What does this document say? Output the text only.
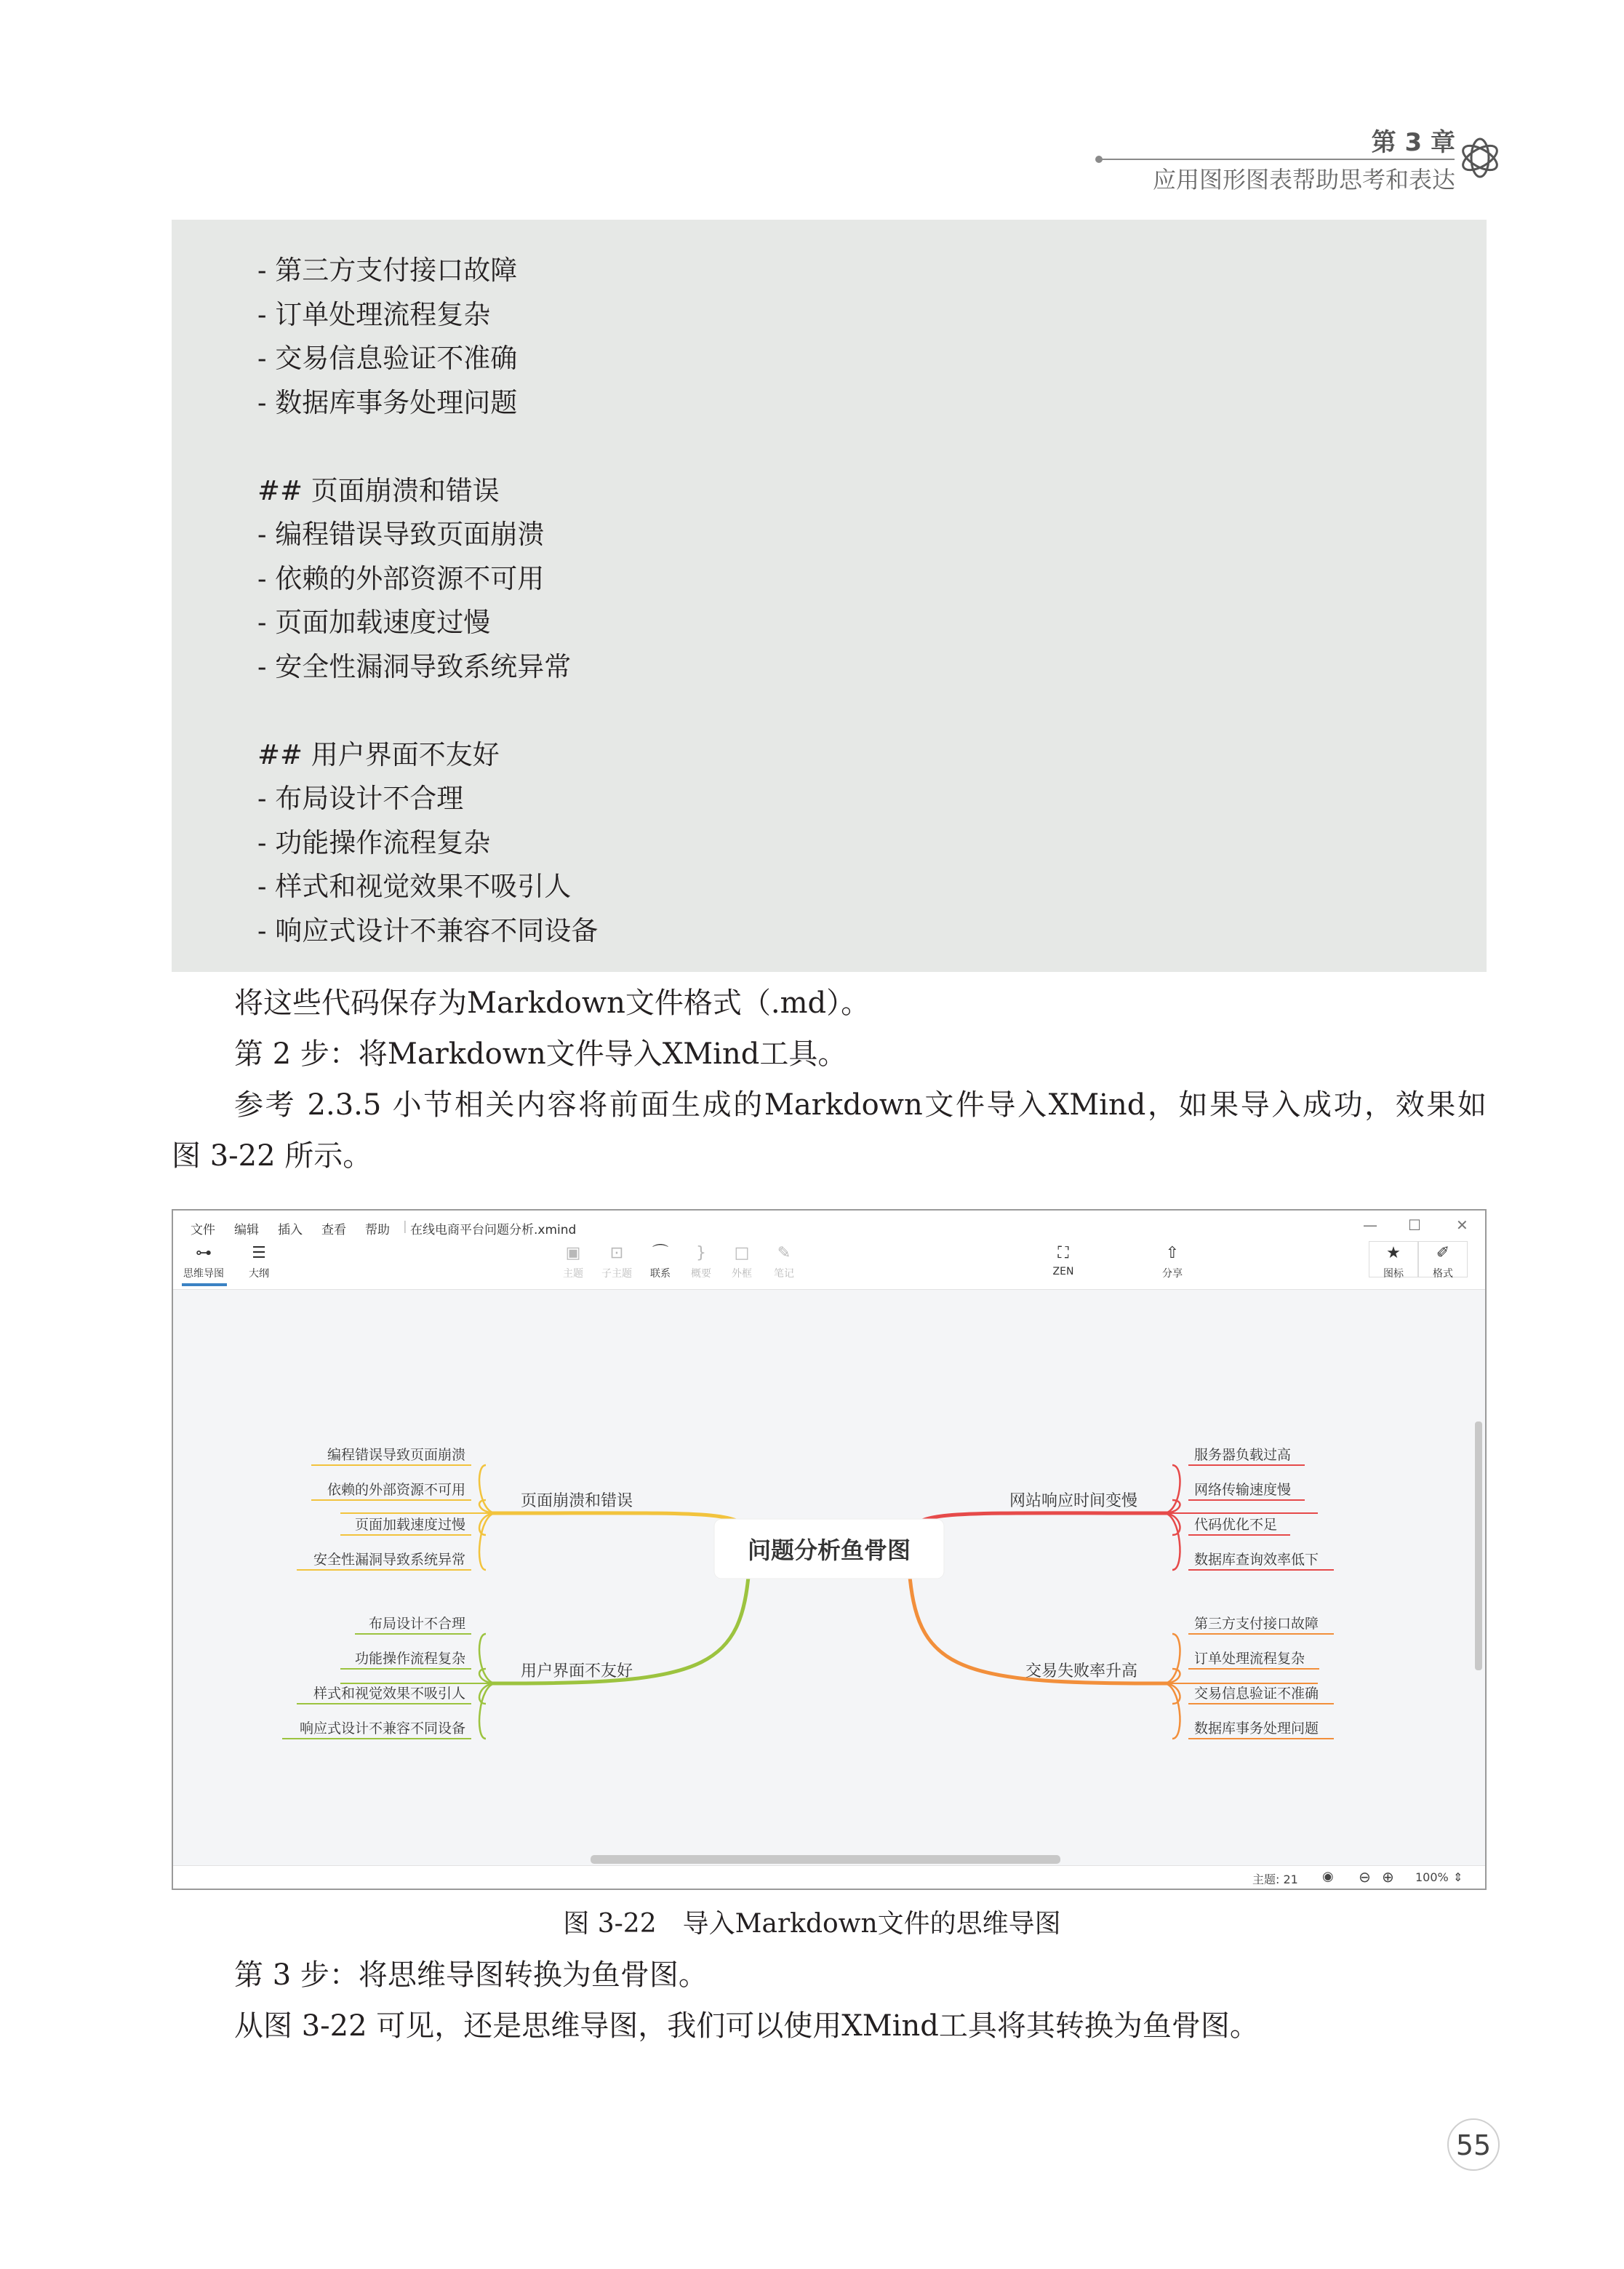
第 3 章
应用图形图表帮助思考和表达
- 第三方支付接口故障
- 订单处理流程复杂
- 交易信息验证不准确
- 数据库事务处理问题
## 页面崩溃和错误
- 编程错误导致页面崩溃
- 依赖的外部资源不可用
- 页面加载速度过慢
- 安全性漏洞导致系统异常
## 用户界面不友好
- 布局设计不合理
- 功能操作流程复杂
- 样式和视觉效果不吸引人
- 响应式设计不兼容不同设备
将这些代码保存为Markdown文件格式（.md）。
第 2 步：将Markdown文件导入XMind工具。
参考 2.3.5 小节相关内容将前面生成的Markdown文件导入XMind，如果导入成功，效果如
图 3-22 所示。
文件 编辑 插入 查看 帮助 | 在线电商平台问题分析.xmind	— ☐ ✕
⊶
思维导图
☰
大纲
▣
主题
⊡
子主题
⌒
联系
}
概要
□
外框
✎
笔记
⛶
ZEN
⇧
分享
★
图标
✐
格式
页面崩溃和错误
编程错误导致页面崩溃
依赖的外部资源不可用
页面加载速度过慢
安全性漏洞导致系统异常
用户界面不友好
布局设计不合理
功能操作流程复杂
样式和视觉效果不吸引人
响应式设计不兼容不同设备
网站响应时间变慢
服务器负载过高
网络传输速度慢
代码优化不足
数据库查询效率低下
交易失败率升高
第三方支付接口故障
订单处理流程复杂
交易信息验证不准确
数据库事务处理问题
问题分析鱼骨图
主题: 21 ◉ ⊖ ⊕ 100% ⇕
图 3-22　导入Markdown文件的思维导图
第 3 步：将思维导图转换为鱼骨图。
从图 3-22 可见，还是思维导图，我们可以使用XMind工具将其转换为鱼骨图。
55
